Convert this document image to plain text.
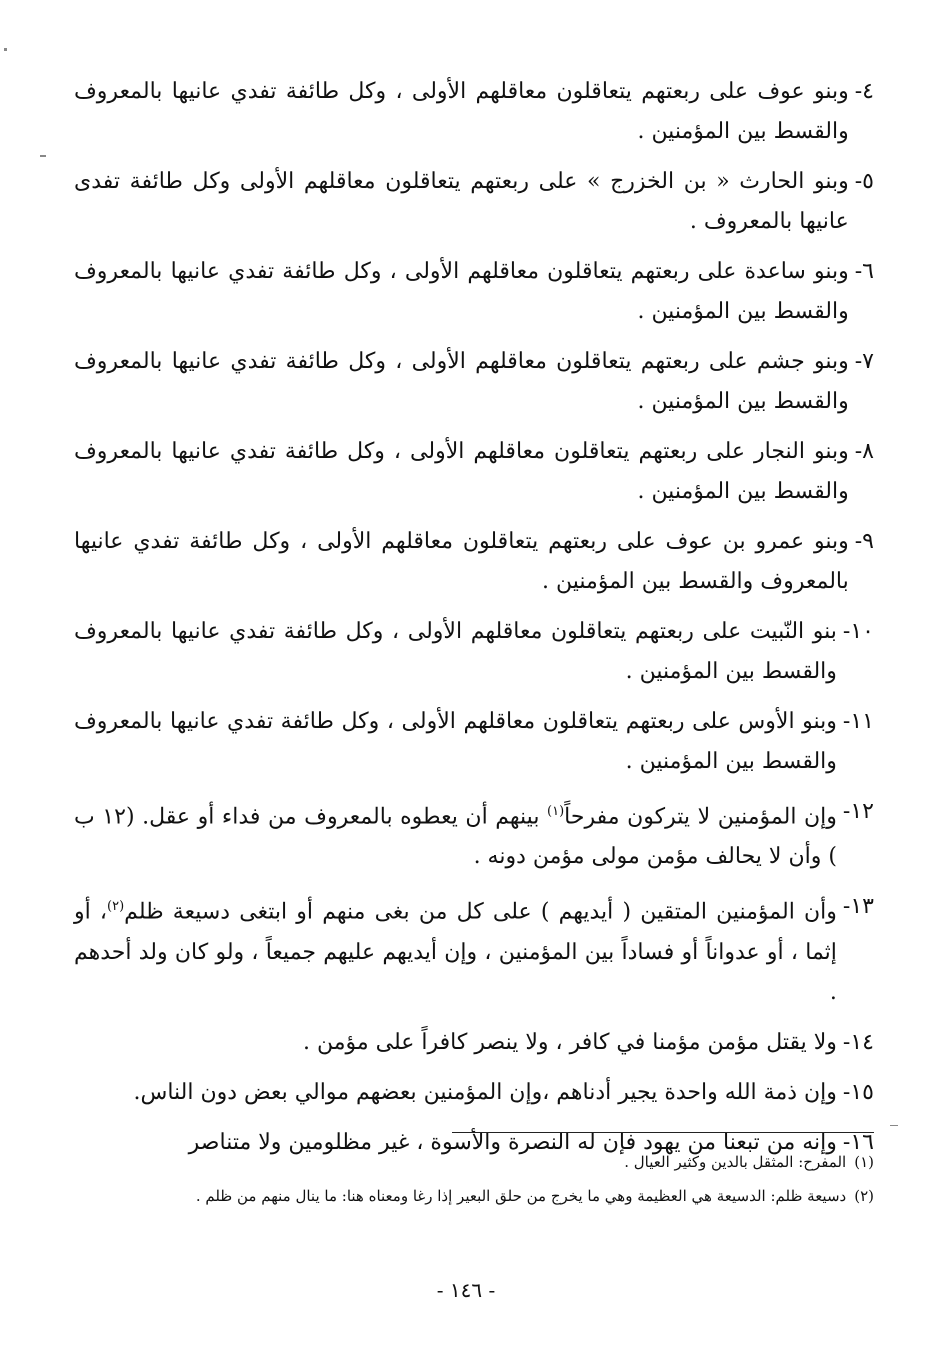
٤-
وبنو عوف على ربعتهم يتعاقلون معاقلهم الأولى ، وكل طائفة تفدي عانيها بالمعروف والقسط بين المؤمنين .
٥-
وبنو الحارث « بن الخزرج » على ربعتهم يتعاقلون معاقلهم الأولى وكل طائفة تفدى عانيها بالمعروف .
٦-
وبنو ساعدة على ربعتهم يتعاقلون معاقلهم الأولى ، وكل طائفة تفدي عانيها بالمعروف والقسط بين المؤمنين .
٧-
وبنو جشم على ربعتهم يتعاقلون معاقلهم الأولى ، وكل طائفة تفدي عانيها بالمعروف والقسط بين المؤمنين .
٨-
وبنو النجار على ربعتهم يتعاقلون معاقلهم الأولى ، وكل طائفة تفدي عانيها بالمعروف والقسط بين المؤمنين .
٩-
وبنو عمرو بن عوف على ربعتهم يتعاقلون معاقلهم الأولى ، وكل طائفة تفدي عانيها بالمعروف والقسط بين المؤمنين .
١٠-
بنو النّبيت على ربعتهم يتعاقلون معاقلهم الأولى ، وكل طائفة تفدي عانيها بالمعروف والقسط بين المؤمنين .
١١-
وبنو الأوس على ربعتهم يتعاقلون معاقلهم الأولى ، وكل طائفة تفدي عانيها بالمعروف والقسط بين المؤمنين .
١٢-
وإن المؤمنين لا يتركون مفرحاً$^{(١)}$ بينهم أن يعطوه بالمعروف من فداء أو عقل. (١٢ ب ) وأن لا يحالف مؤمن مولى مؤمن دونه .
١٣-
وأن المؤمنين المتقين ( أيديهم ) على كل من بغى منهم أو ابتغى دسيعة ظلم$^{(٢)}$، أو إثما ، أو عدواناً أو فساداً بين المؤمنين ، وإن أيديهم عليهم جميعاً ، ولو كان ولد أحدهم .
١٤-
ولا يقتل مؤمن مؤمنا في كافر ، ولا ينصر كافراً على مؤمن .
١٥-
وإن ذمة الله واحدة يجير أدناهم ،وإن المؤمنين بعضهم موالي بعض دون الناس.
١٦-
وإنه من تبعنا من يهود فإن له النصرة والأسوة ، غير مظلومين ولا متناصر
(١)
المفرح: المثقل بالدين وكثير العيال .
(٢)
دسيعة ظلم: الدسيعة هي العظيمة وهي ما يخرج من حلق البعير إذا رغا ومعناه هنا: ما ينال منهم من ظلم .
- ١٤٦ -
